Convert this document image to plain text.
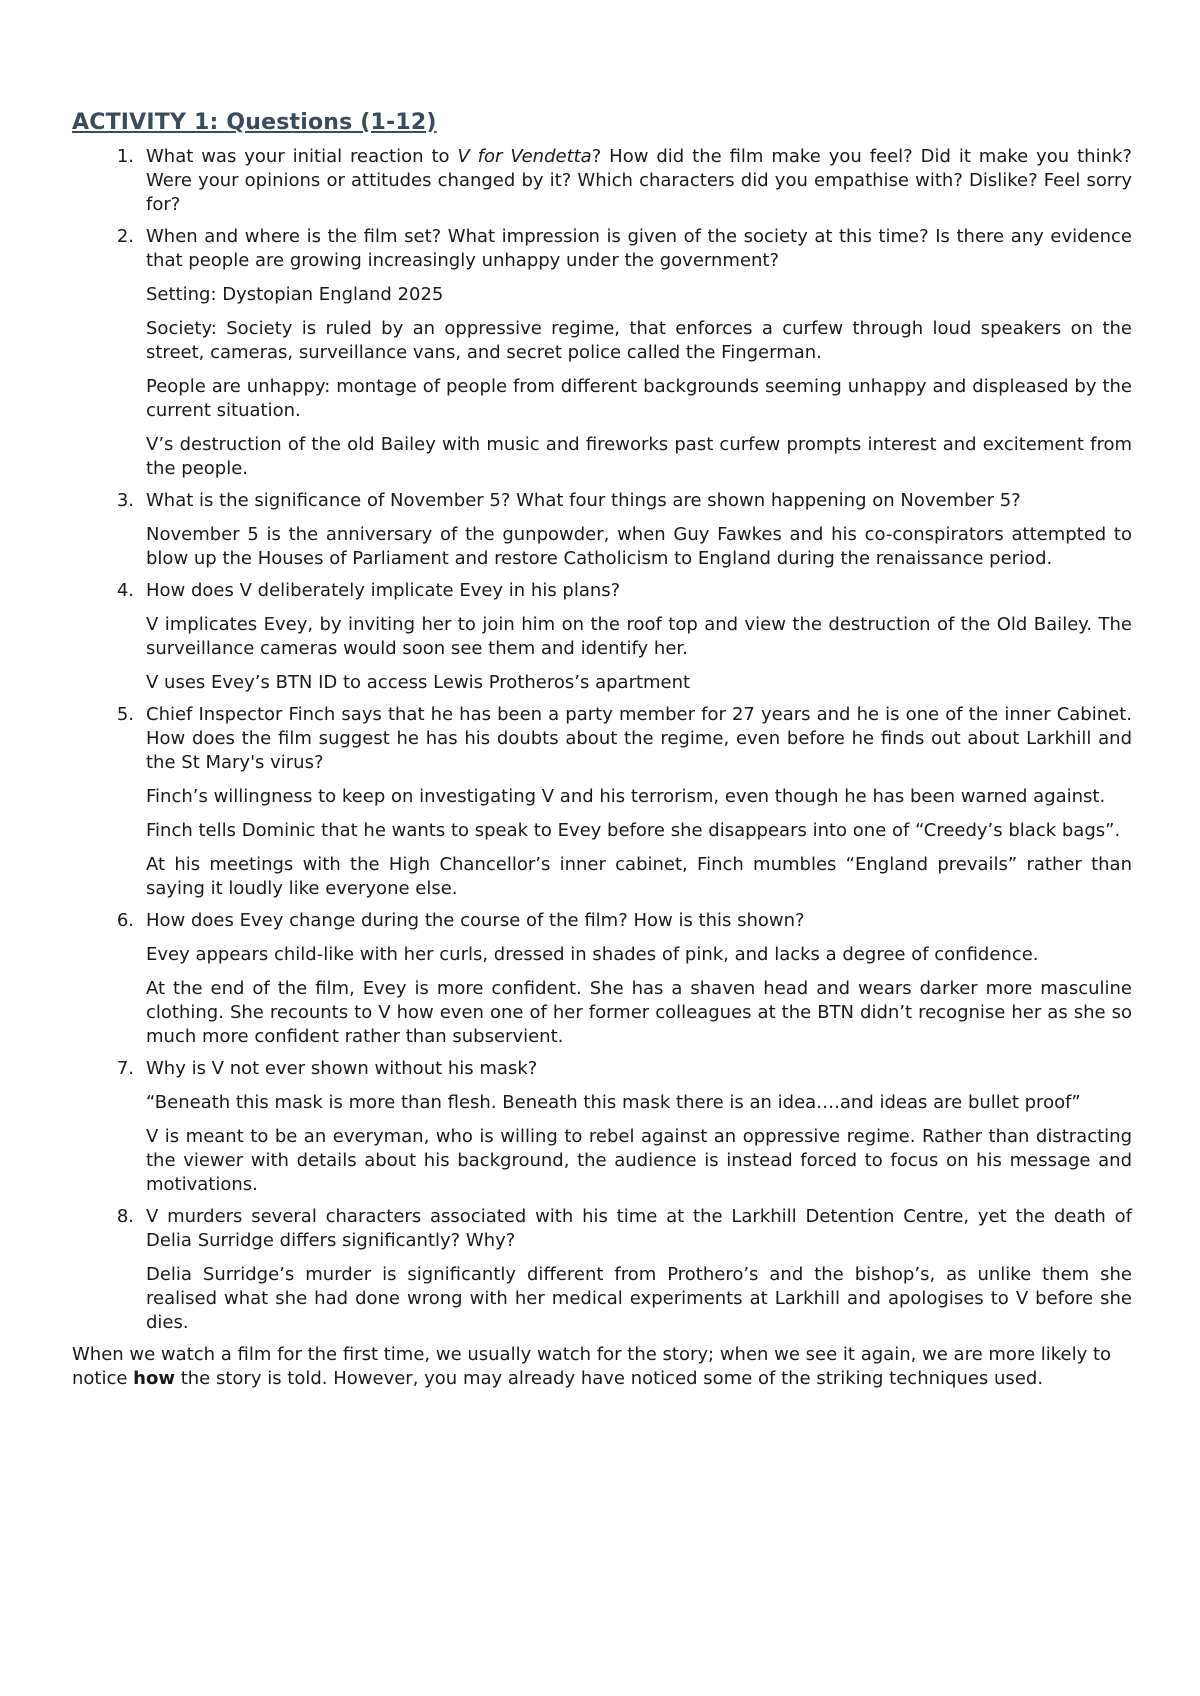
ACTIVITY 1: Questions (1-12)
1. What was your initial reaction to V for Vendetta? How did the film make you feel? Did it make you think? Were your opinions or attitudes changed by it? Which characters did you empathise with? Dislike? Feel sorry for?

2. When and where is the film set? What impression is given of the society at this time? Is there any evidence that people are growing increasingly unhappy under the government?

Setting: Dystopian England 2025

Society: Society is ruled by an oppressive regime, that enforces a curfew through loud speakers on the street, cameras, surveillance vans, and secret police called the Fingerman.

People are unhappy: montage of people from different backgrounds seeming unhappy and displeased by the current situation.

V’s destruction of the old Bailey with music and fireworks past curfew prompts interest and excitement from the people.

3. What is the significance of November 5? What four things are shown happening on November 5?

November 5 is the anniversary of the gunpowder, when Guy Fawkes and his co-conspirators attempted to blow up the Houses of Parliament and restore Catholicism to England during the renaissance period.

4. How does V deliberately implicate Evey in his plans?

V implicates Evey, by inviting her to join him on the roof top and view the destruction of the Old Bailey. The surveillance cameras would soon see them and identify her.

V uses Evey’s BTN ID to access Lewis Protheros’s apartment

5. Chief Inspector Finch says that he has been a party member for 27 years and he is one of the inner Cabinet. How does the film suggest he has his doubts about the regime, even before he finds out about Larkhill and the St Mary's virus?

Finch’s willingness to keep on investigating V and his terrorism, even though he has been warned against.

Finch tells Dominic that he wants to speak to Evey before she disappears into one of “Creedy’s black bags”.

At his meetings with the High Chancellor’s inner cabinet, Finch mumbles “England prevails” rather than saying it loudly like everyone else.

6. How does Evey change during the course of the film? How is this shown?

Evey appears child-like with her curls, dressed in shades of pink, and lacks a degree of confidence.

At the end of the film, Evey is more confident. She has a shaven head and wears darker more masculine clothing. She recounts to V how even one of her former colleagues at the BTN didn’t recognise her as she so much more confident rather than subservient.

7. Why is V not ever shown without his mask?

“Beneath this mask is more than flesh. Beneath this mask there is an idea….and ideas are bullet proof”

V is meant to be an everyman, who is willing to rebel against an oppressive regime. Rather than distracting the viewer with details about his background, the audience is instead forced to focus on his message and motivations.

8. V murders several characters associated with his time at the Larkhill Detention Centre, yet the death of Delia Surridge differs significantly? Why?

Delia Surridge’s murder is significantly different from Prothero’s and the bishop’s, as unlike them she realised what she had done wrong with her medical experiments at Larkhill and apologises to V before she dies.

When we watch a film for the first time, we usually watch for the story; when we see it again, we are more likely to notice how the story is told. However, you may already have noticed some of the striking techniques used.
